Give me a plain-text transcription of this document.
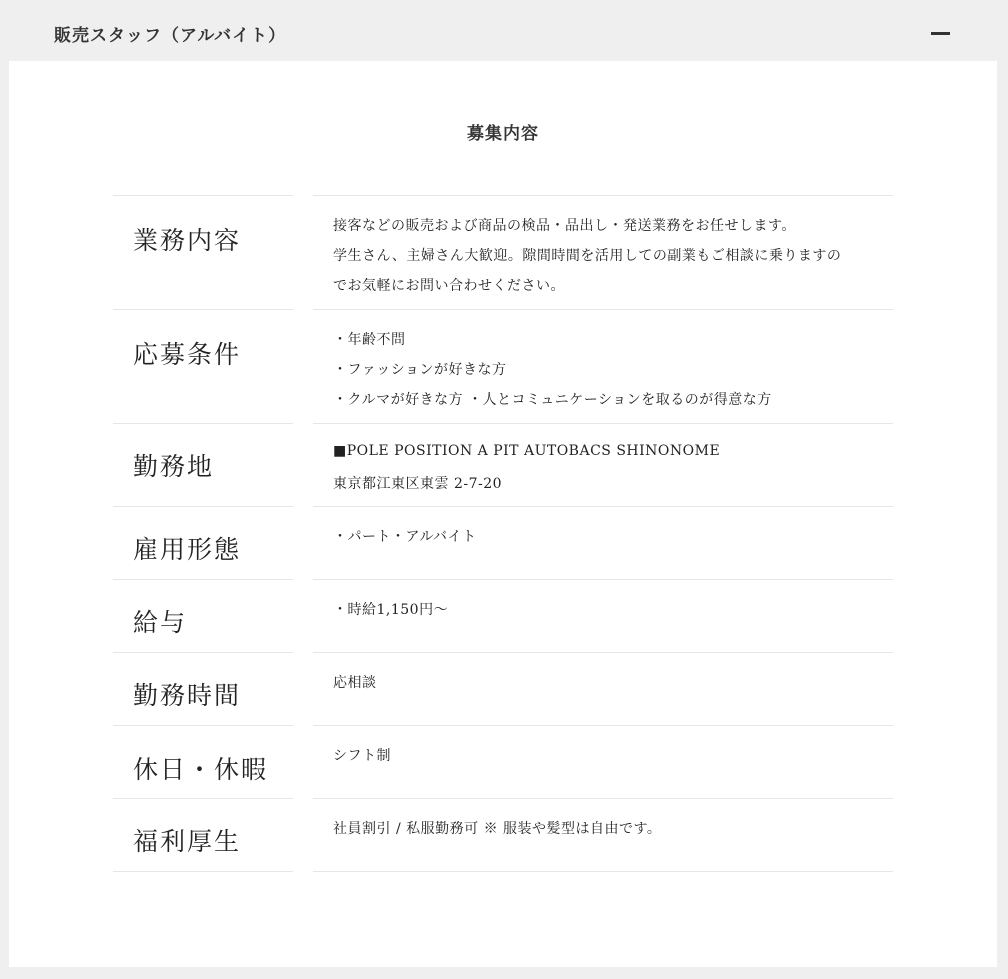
販売スタッフ（アルバイト）
募集内容
業務内容	接客などの販売および商品の検品・品出し・発送業務をお任せします。
学生さん、主婦さん大歓迎。隙間時間を活用しての副業もご相談に乗りますの
でお気軽にお問い合わせください。
応募条件	・年齢不問
・ファッションが好きな方
・クルマが好きな方 ・人とコミュニケーションを取るのが得意な方
勤務地
■POLE POSITION A PIT AUTOBACS SHINONOME
東京都江東区東雲 2-7-20
雇用形態	・パート・アルバイト
給与	・時給1,150円～
勤務時間	応相談
休日・休暇	シフト制
福利厚生	社員割引 / 私服勤務可 ※ 服装や髪型は自由です。
